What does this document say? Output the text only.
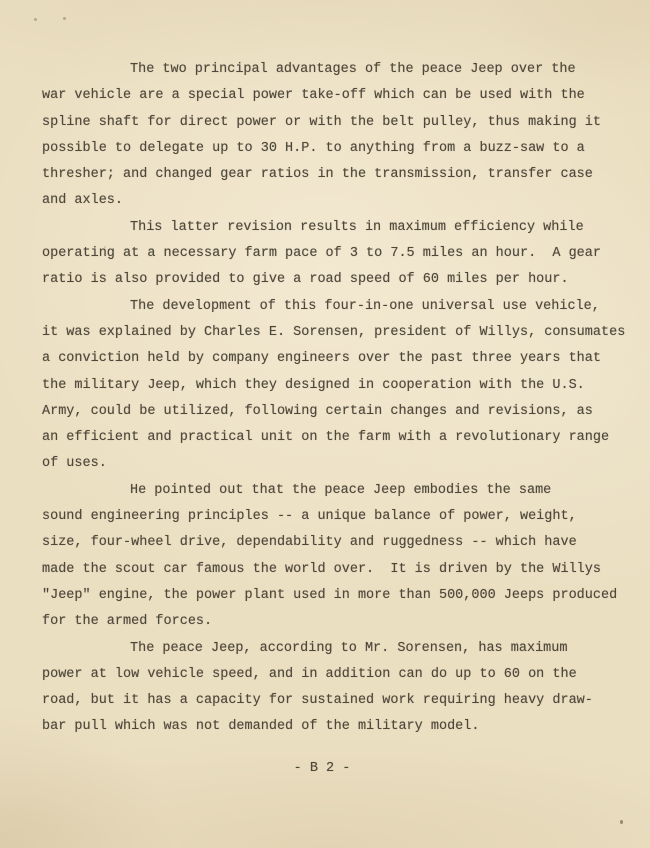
The two principal advantages of the peace Jeep over the
war vehicle are a special power take-off which can be used with the
spline shaft for direct power or with the belt pulley, thus making it
possible to delegate up to 30 H.P. to anything from a buzz-saw to a
thresher; and changed gear ratios in the transmission, transfer case
and axles.
This latter revision results in maximum efficiency while
operating at a necessary farm pace of 3 to 7.5 miles an hour.  A gear
ratio is also provided to give a road speed of 60 miles per hour.
The development of this four-in-one universal use vehicle,
it was explained by Charles E. Sorensen, president of Willys, consumates
a conviction held by company engineers over the past three years that
the military Jeep, which they designed in cooperation with the U.S.
Army, could be utilized, following certain changes and revisions, as
an efficient and practical unit on the farm with a revolutionary range
of uses.
He pointed out that the peace Jeep embodies the same
sound engineering principles -- a unique balance of power, weight,
size, four-wheel drive, dependability and ruggedness -- which have
made the scout car famous the world over.  It is driven by the Willys
"Jeep" engine, the power plant used in more than 500,000 Jeeps produced
for the armed forces.
The peace Jeep, according to Mr. Sorensen, has maximum
power at low vehicle speed, and in addition can do up to 60 on the
road, but it has a capacity for sustained work requiring heavy draw-
bar pull which was not demanded of the military model.
- B 2 -
